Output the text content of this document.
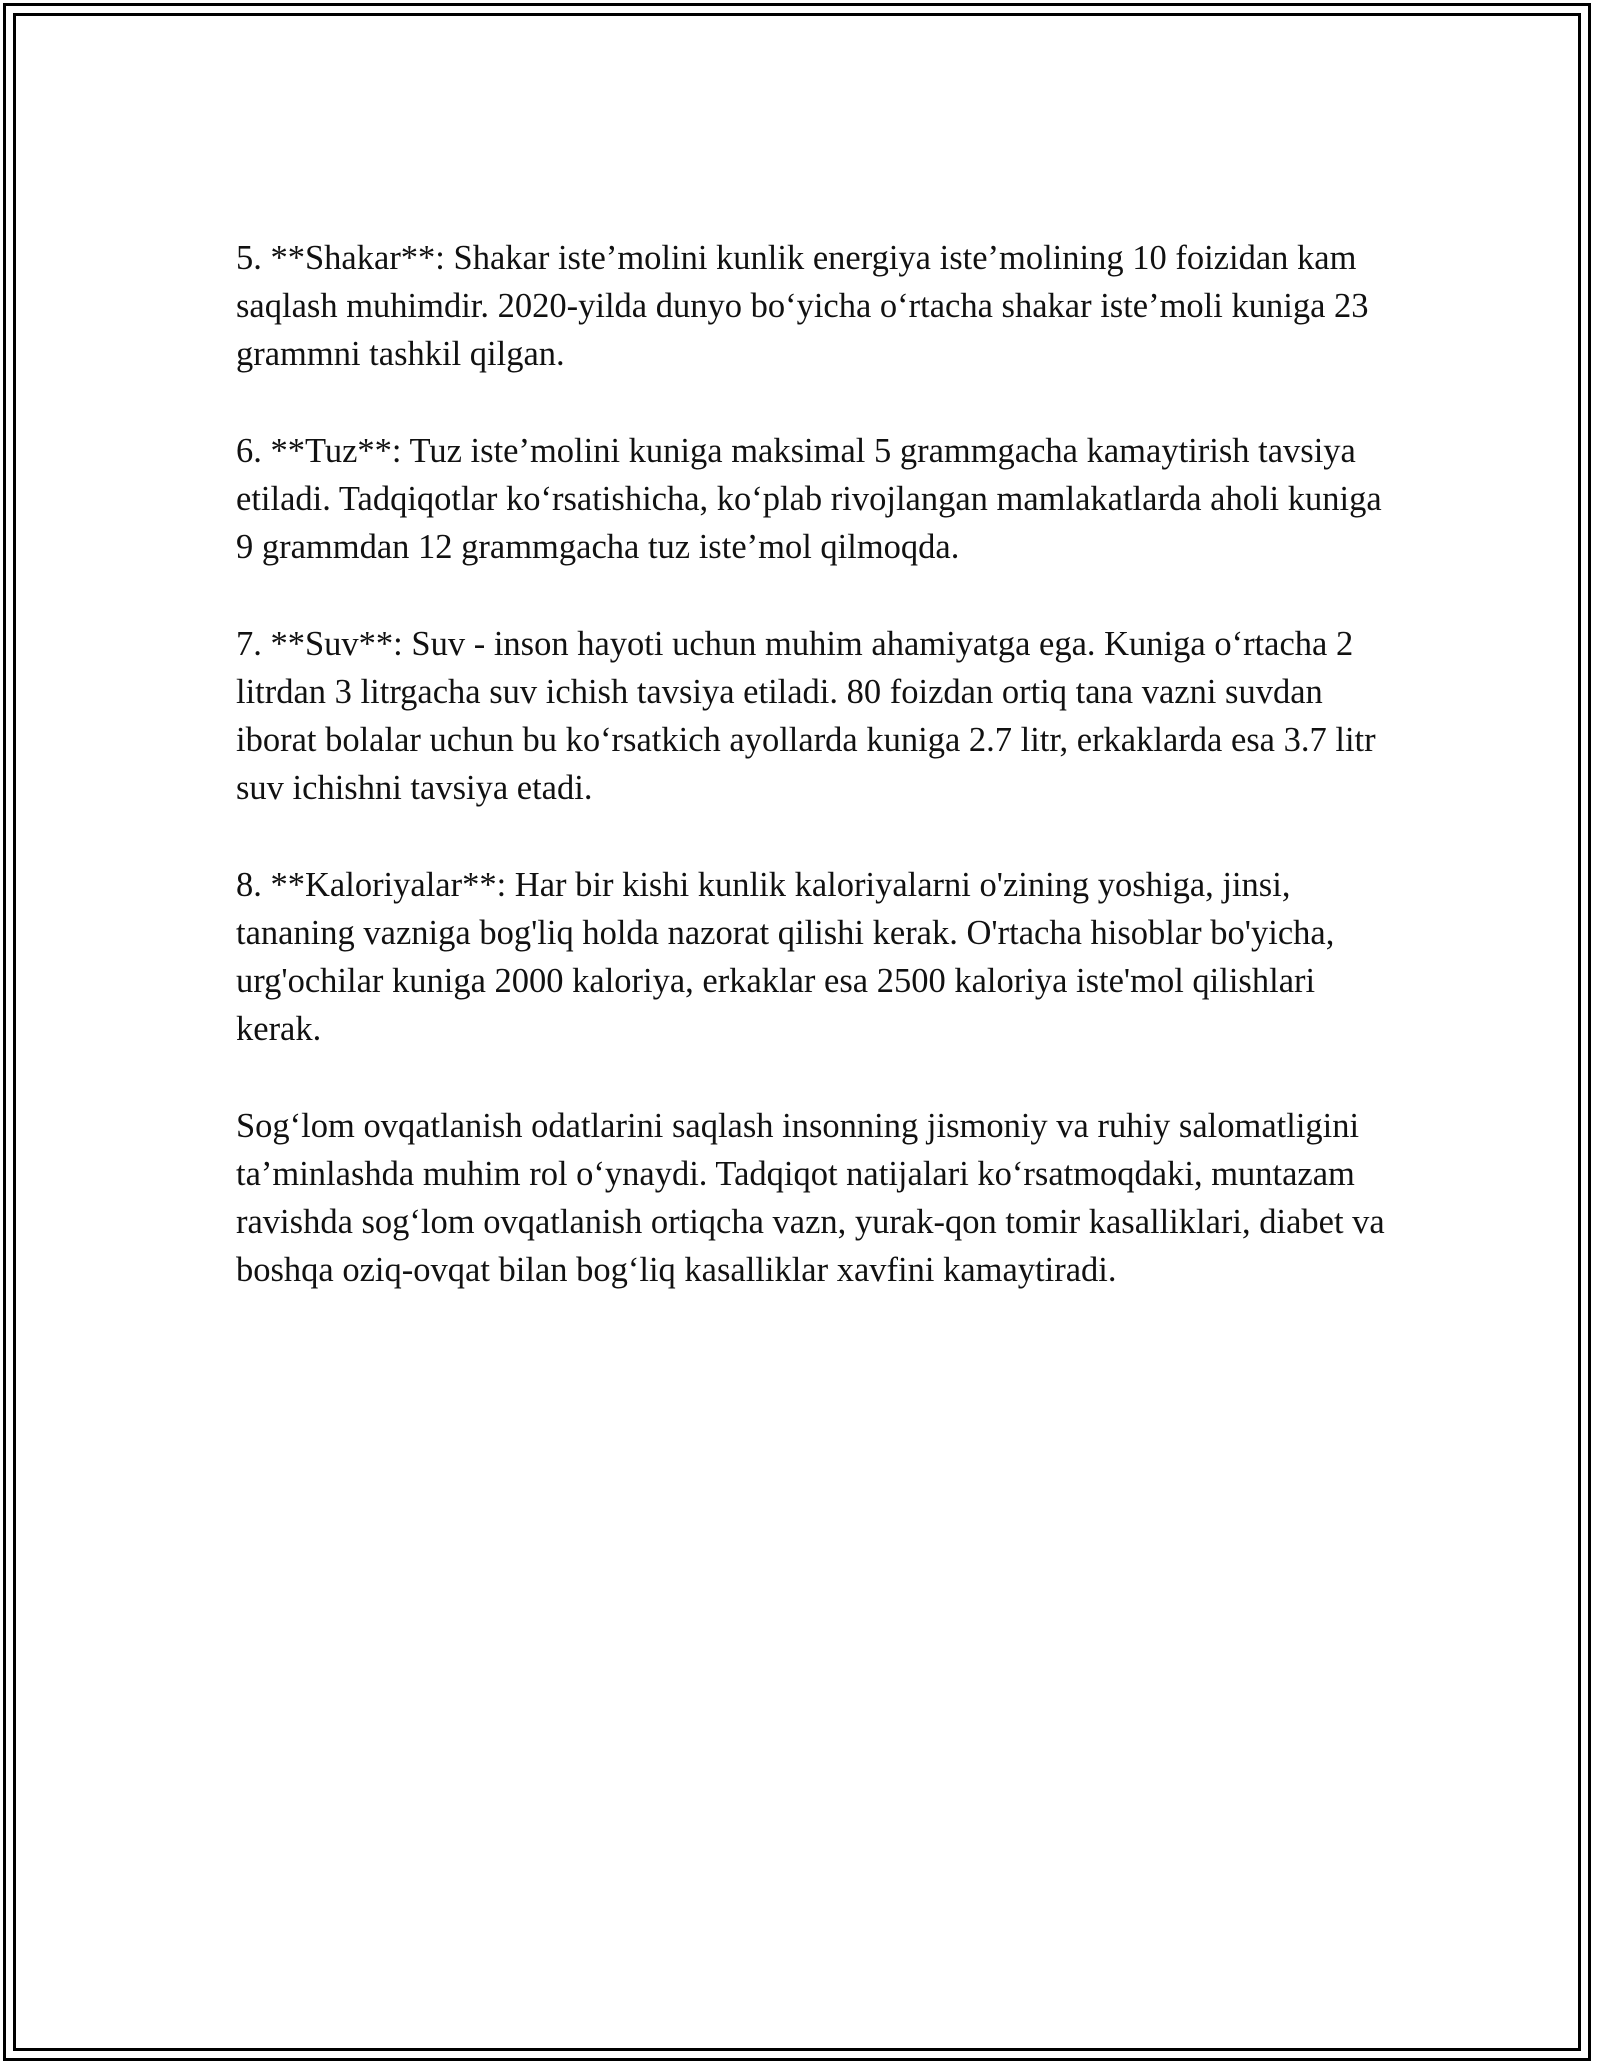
5. **Shakar**: Shakar iste’molini kunlik energiya iste’molining 10 foizidan kam saqlash muhimdir. 2020-yilda dunyo bo‘yicha o‘rtacha shakar iste’moli kuniga 23 grammni tashkil qilgan.

6. **Tuz**: Tuz iste’molini kuniga maksimal 5 grammgacha kamaytirish tavsiya etiladi. Tadqiqotlar ko‘rsatishicha, ko‘plab rivojlangan mamlakatlarda aholi kuniga 9 grammdan 12 grammgacha tuz iste’mol qilmoqda.

7. **Suv**: Suv - inson hayoti uchun muhim ahamiyatga ega. Kuniga o‘rtacha 2 litrdan 3 litrgacha suv ichish tavsiya etiladi. 80 foizdan ortiq tana vazni suvdan iborat bolalar uchun bu ko‘rsatkich ayollarda kuniga 2.7 litr, erkaklarda esa 3.7 litr suv ichishni tavsiya etadi.

8. **Kaloriyalar**: Har bir kishi kunlik kaloriyalarni o'zining yoshiga, jinsi, tananing vazniga bog'liq holda nazorat qilishi kerak. O'rtacha hisoblar bo'yicha, urg'ochilar kuniga 2000 kaloriya, erkaklar esa 2500 kaloriya iste'mol qilishlari kerak.

Sog‘lom ovqatlanish odatlarini saqlash insonning jismoniy va ruhiy salomatligini ta’minlashda muhim rol o‘ynaydi. Tadqiqot natijalari ko‘rsatmoqdaki, muntazam ravishda sog‘lom ovqatlanish ortiqcha vazn, yurak-qon tomir kasalliklari, diabet va boshqa oziq-ovqat bilan bog‘liq kasalliklar xavfini kamaytiradi.
